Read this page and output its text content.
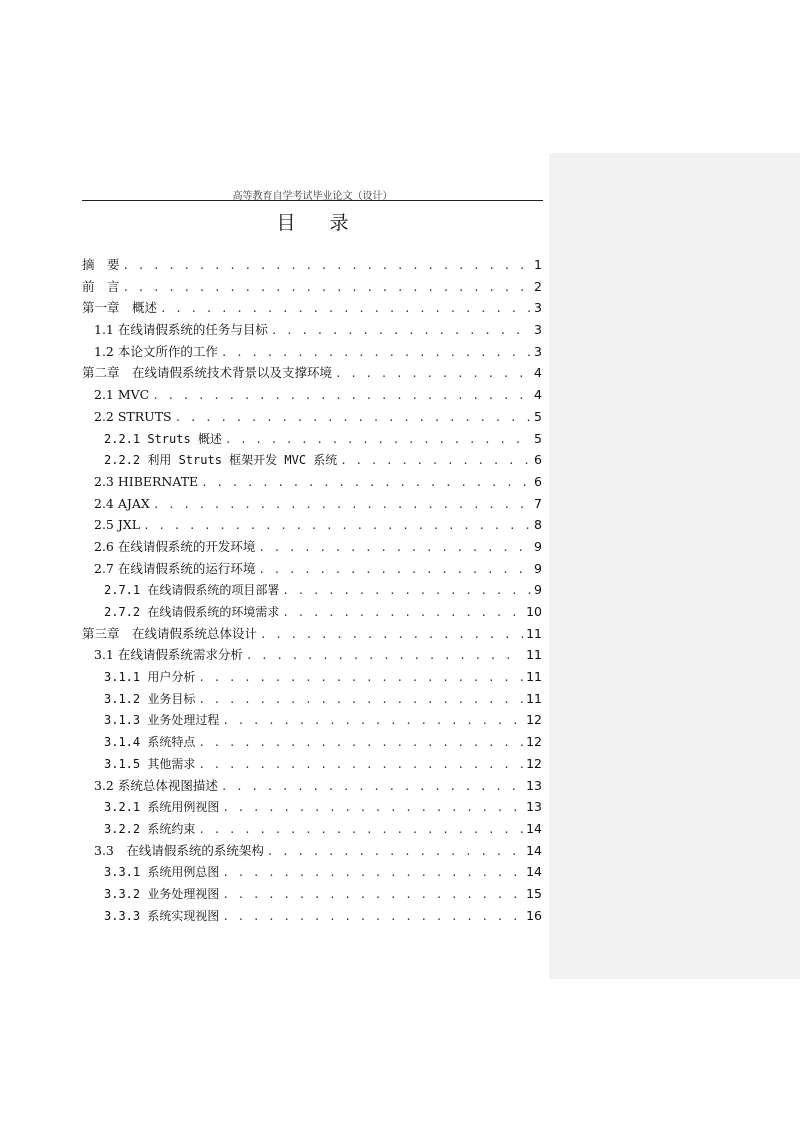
高等教育自学考试毕业论文（设计）
目 录
摘　要 . . .	1
前　言 . . .	2
第一章　概述 . . .	3
1.1 在线请假系统的任务与目标 . . .	3
1.2 本论文所作的工作 . . .	3
第二章　在线请假系统技术背景以及支撑环境 . . .	4
2.1 MVC . . .	4
2.2 STRUTS . . .	5
2.2.1 Struts 概述 . . .	5
2.2.2 利用 Struts 框架开发 MVC 系统 . . .	6
2.3 HIBERNATE . . .	6
2.4 AJAX . . .	7
2.5 JXL . . .	8
2.6 在线请假系统的开发环境 . . .	9
2.7 在线请假系统的运行环境 . . .	9
2.7.1 在线请假系统的项目部署 . . .	9
2.7.2 在线请假系统的环境需求 . . .	10
第三章　在线请假系统总体设计 . . .	11
3.1 在线请假系统需求分析 . . .	11
3.1.1 用户分析 . . .	11
3.1.2 业务目标 . . .	11
3.1.3 业务处理过程 . . .	12
3.1.4 系统特点 . . .	12
3.1.5 其他需求 . . .	12
3.2 系统总体视图描述 . . .	13
3.2.1 系统用例视图 . . .	13
3.2.2 系统约束 . . .	14
3.3　在线请假系统的系统架构 . . .	14
3.3.1 系统用例总图 . . .	14
3.3.2 业务处理视图 . . .	15
3.3.3 系统实现视图 . . .	16
